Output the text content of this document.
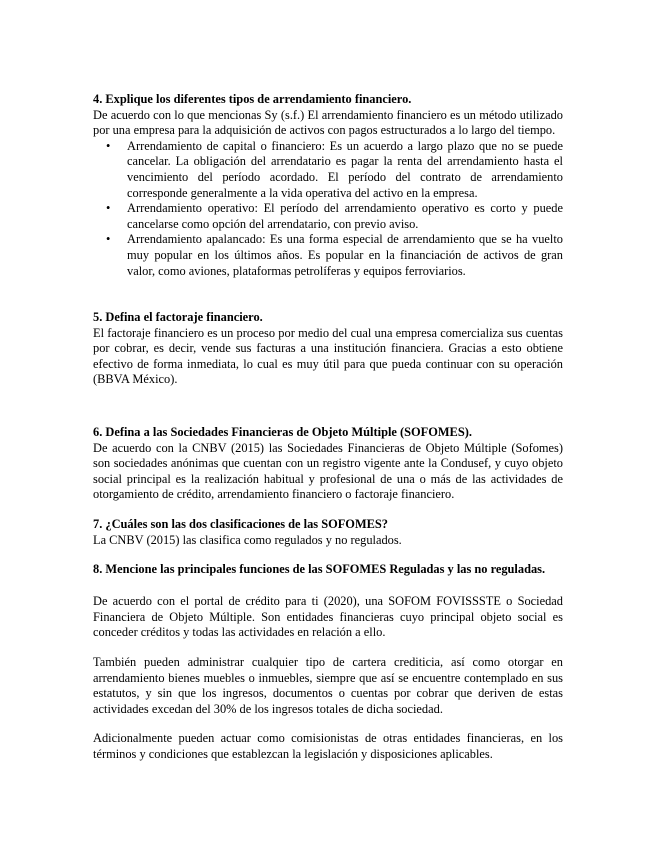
4. Explique los diferentes tipos de arrendamiento financiero.
De acuerdo con lo que mencionas Sy (s.f.) El arrendamiento financiero es un método utilizado por una empresa para la adquisición de activos con pagos estructurados a lo largo del tiempo.
• Arrendamiento de capital o financiero: Es un acuerdo a largo plazo que no se puede cancelar. La obligación del arrendatario es pagar la renta del arrendamiento hasta el vencimiento del período acordado. El período del contrato de arrendamiento corresponde generalmente a la vida operativa del activo en la empresa.
• Arrendamiento operativo: El período del arrendamiento operativo es corto y puede cancelarse como opción del arrendatario, con previo aviso.
• Arrendamiento apalancado: Es una forma especial de arrendamiento que se ha vuelto muy popular en los últimos años. Es popular en la financiación de activos de gran valor, como aviones, plataformas petrolíferas y equipos ferroviarios.
5. Defina el factoraje financiero.
El factoraje financiero es un proceso por medio del cual una empresa comercializa sus cuentas por cobrar, es decir, vende sus facturas a una institución financiera. Gracias a esto obtiene efectivo de forma inmediata, lo cual es muy útil para que pueda continuar con su operación (BBVA México).
6. Defina a las Sociedades Financieras de Objeto Múltiple (SOFOMES).
De acuerdo con la CNBV (2015) las Sociedades Financieras de Objeto Múltiple (Sofomes) son sociedades anónimas que cuentan con un registro vigente ante la Condusef, y cuyo objeto social principal es la realización habitual y profesional de una o más de las actividades de otorgamiento de crédito, arrendamiento financiero o factoraje financiero.
7. ¿Cuáles son las dos clasificaciones de las SOFOMES?
La CNBV (2015) las clasifica como regulados y no regulados.
8. Mencione las principales funciones de las SOFOMES Reguladas y las no reguladas.
De acuerdo con el portal de crédito para ti (2020), una SOFOM FOVISSSTE o Sociedad Financiera de Objeto Múltiple. Son entidades financieras cuyo principal objeto social es conceder créditos y todas las actividades en relación a ello.
También pueden administrar cualquier tipo de cartera crediticia, así como otorgar en arrendamiento bienes muebles o inmuebles, siempre que así se encuentre contemplado en sus estatutos, y sin que los ingresos, documentos o cuentas por cobrar que deriven de estas actividades excedan del 30% de los ingresos totales de dicha sociedad.
Adicionalmente pueden actuar como comisionistas de otras entidades financieras, en los términos y condiciones que establezcan la legislación y disposiciones aplicables.
